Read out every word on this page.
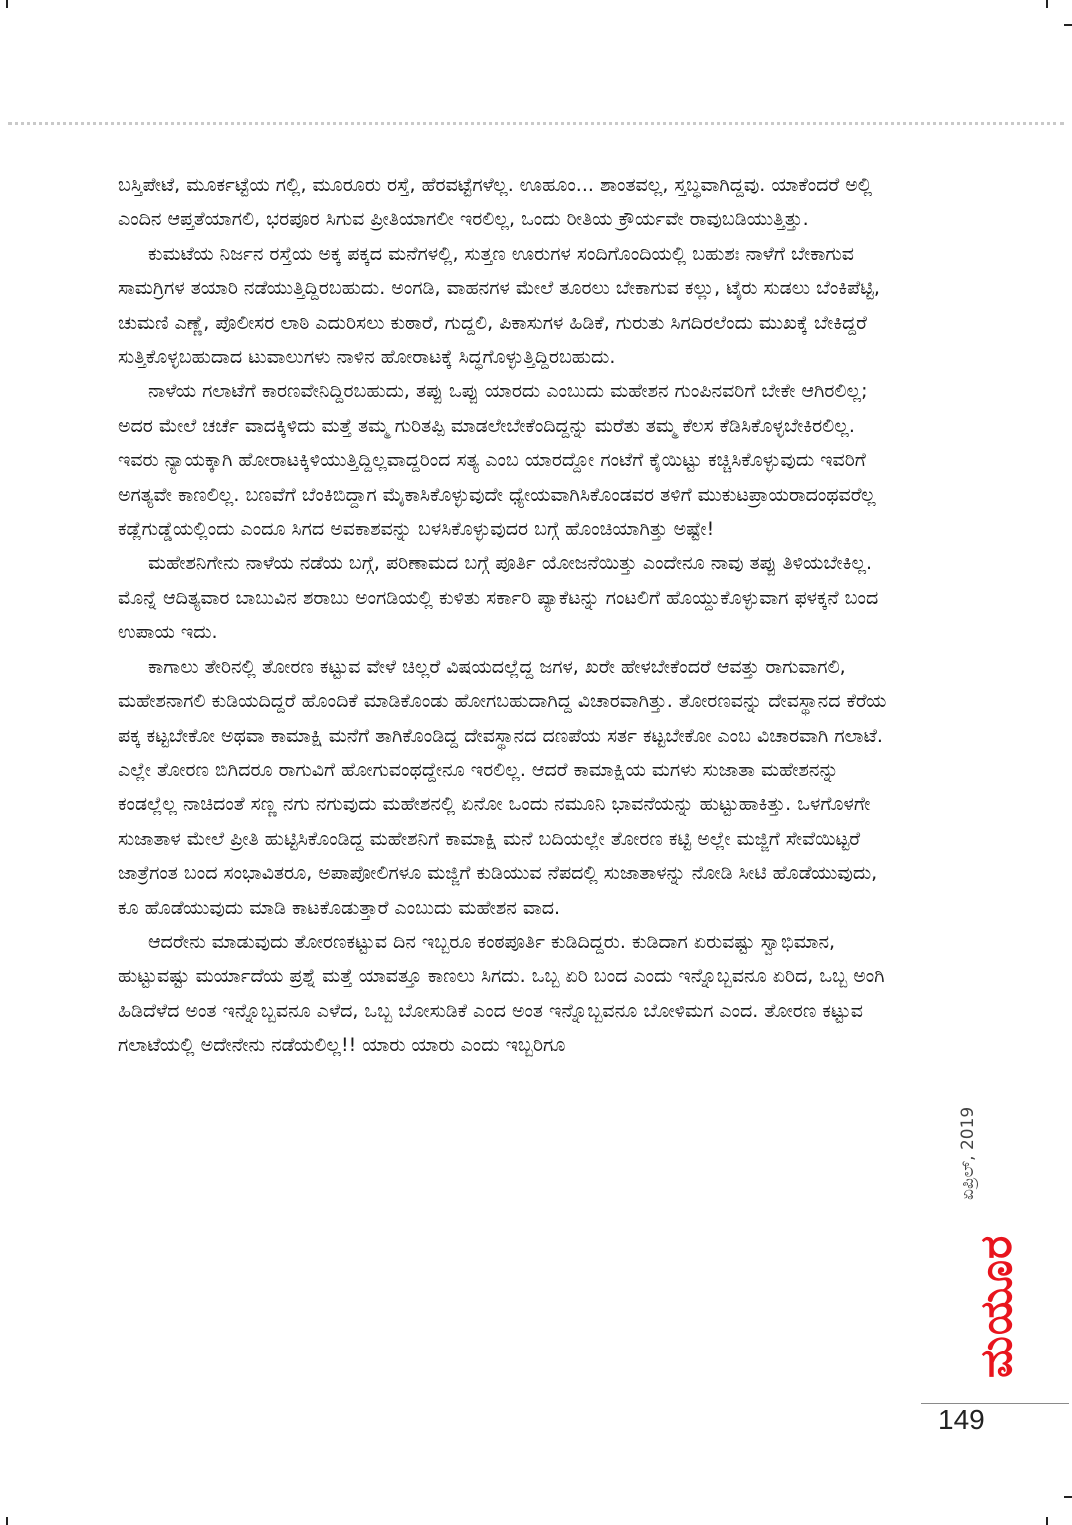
ಬಸ್ತಿಪೇಟೆ, ಮೂರ್ಕಟ್ಟೆಯ ಗಲ್ಲಿ, ಮೂರೂರು ರಸ್ತೆ, ಹೆರವಟ್ಟೆಗಳೆಲ್ಲ. ಊಹೂಂ... ಶಾಂತವಲ್ಲ, ಸ್ತಬ್ಧವಾಗಿದ್ದವು. ಯಾಕೆಂದರೆ ಅಲ್ಲಿ ಎಂದಿನ ಆಪ್ತತೆಯಾಗಲಿ, ಭರಪೂರ ಸಿಗುವ ಪ್ರೀತಿಯಾಗಲೀ ಇರಲಿಲ್ಲ, ಒಂದು ರೀತಿಯ ಕ್ರೌರ್ಯವೇ ರಾವುಬಡಿಯುತ್ತಿತ್ತು.

ಕುಮಟೆಯ ನಿರ್ಜನ ರಸ್ತೆಯ ಅಕ್ಕ ಪಕ್ಕದ ಮನೆಗಳಲ್ಲಿ, ಸುತ್ತಣ ಊರುಗಳ ಸಂದಿಗೊಂದಿಯಲ್ಲಿ ಬಹುಶಃ ನಾಳೆಗೆ ಬೇಕಾಗುವ ಸಾಮಗ್ರಿಗಳ ತಯಾರಿ ನಡೆಯುತ್ತಿದ್ದಿರಬಹುದು. ಅಂಗಡಿ, ವಾಹನಗಳ ಮೇಲೆ ತೂರಲು ಬೇಕಾಗುವ ಕಲ್ಲು, ಟೈರು ಸುಡಲು ಬೆಂಕಿಪೆಟ್ಟಿ, ಚುಮಣಿ ಎಣ್ಣೆ, ಪೊಲೀಸರ ಲಾಠಿ ಎದುರಿಸಲು ಕುಠಾರೆ, ಗುದ್ದಲಿ, ಪಿಕಾಸುಗಳ ಹಿಡಿಕೆ, ಗುರುತು ಸಿಗದಿರಲೆಂದು ಮುಖಕ್ಕೆ ಬೇಕಿದ್ದರೆ ಸುತ್ತಿಕೊಳ್ಳಬಹುದಾದ ಟುವಾಲುಗಳು ನಾಳಿನ ಹೋರಾಟಕ್ಕೆ ಸಿದ್ಧಗೊಳ್ಳುತ್ತಿದ್ದಿರಬಹುದು.

ನಾಳೆಯ ಗಲಾಟೆಗೆ ಕಾರಣವೇನಿದ್ದಿರಬಹುದು, ತಪ್ಪು ಒಪ್ಪು ಯಾರದು ಎಂಬುದು ಮಹೇಶನ ಗುಂಪಿನವರಿಗೆ ಬೇಕೇ ಆಗಿರಲಿಲ್ಲ; ಅದರ ಮೇಲೆ ಚರ್ಚೆ ವಾದಕ್ಕಿಳಿದು ಮತ್ತೆ ತಮ್ಮ ಗುರಿತಪ್ಪಿ ಮಾಡಲೇಬೇಕೆಂದಿದ್ದನ್ನು ಮರೆತು ತಮ್ಮ ಕೆಲಸ ಕೆಡಿಸಿಕೊಳ್ಳಬೇಕಿರಲಿಲ್ಲ. ಇವರು ನ್ಯಾಯಕ್ಕಾಗಿ ಹೋರಾಟಕ್ಕಿಳಿಯುತ್ತಿದ್ದಿಲ್ಲವಾದ್ದರಿಂದ ಸತ್ಯ ಎಂಬ ಯಾರದ್ದೋ ಗಂಟೆಗೆ ಕೈಯಿಟ್ಟು ಕಚ್ಚಿಸಿಕೊಳ್ಳುವುದು ಇವರಿಗೆ ಅಗತ್ಯವೇ ಕಾಣಲಿಲ್ಲ. ಬಣವೆಗೆ ಬೆಂಕಿಬಿದ್ದಾಗ ಮೈಕಾಸಿಕೊಳ್ಳುವುದೇ ಧ್ಯೇಯವಾಗಿಸಿಕೊಂಡವರ ತಳಿಗೆ ಮುಕುಟಪ್ರಾಯರಾದಂಥವರೆಲ್ಲ ಕಡ್ಲೆಗುಡ್ಡೆಯಲ್ಲಿಂದು ಎಂದೂ ಸಿಗದ ಅವಕಾಶವನ್ನು ಬಳಸಿಕೊಳ್ಳುವುದರ ಬಗ್ಗೆ ಹೊಂಚಿಯಾಗಿತ್ತು ಅಷ್ಟೇ!

ಮಹೇಶನಿಗೇನು ನಾಳೆಯ ನಡೆಯ ಬಗ್ಗೆ, ಪರಿಣಾಮದ ಬಗ್ಗೆ ಪೂರ್ತಿ ಯೋಜನೆಯಿತ್ತು ಎಂದೇನೂ ನಾವು ತಪ್ಪು ತಿಳಿಯಬೇಕಿಲ್ಲ. ಮೊನ್ನೆ ಆದಿತ್ಯವಾರ ಬಾಬುವಿನ ಶರಾಬು ಅಂಗಡಿಯಲ್ಲಿ ಕುಳಿತು ಸರ್ಕಾರಿ ಪ್ಯಾಕೆಟನ್ನು ಗಂಟಲಿಗೆ ಹೊಯ್ದುಕೊಳ್ಳುವಾಗ ಫಳಕ್ಕನೆ ಬಂದ ಉಪಾಯ ಇದು.

ಕಾಗಾಲು ತೇರಿನಲ್ಲಿ ತೋರಣ ಕಟ್ಟುವ ವೇಳೆ ಚಿಲ್ಲರೆ ವಿಷಯದಲ್ಲೆದ್ದ ಜಗಳ, ಖರೇ ಹೇಳಬೇಕೆಂದರೆ ಆವತ್ತು ರಾಗುವಾಗಲಿ, ಮಹೇಶನಾಗಲಿ ಕುಡಿಯದಿದ್ದರೆ ಹೊಂದಿಕೆ ಮಾಡಿಕೊಂಡು ಹೋಗಬಹುದಾಗಿದ್ದ ವಿಚಾರವಾಗಿತ್ತು. ತೋರಣವನ್ನು ದೇವಸ್ಥಾನದ ಕೆರೆಯ ಪಕ್ಕ ಕಟ್ಟಬೇಕೋ ಅಥವಾ ಕಾಮಾಕ್ಷಿ ಮನೆಗೆ ತಾಗಿಕೊಂಡಿದ್ದ ದೇವಸ್ಥಾನದ ದಣಪೆಯ ಸರ್ತ ಕಟ್ಟಬೇಕೋ ಎಂಬ ವಿಚಾರವಾಗಿ ಗಲಾಟೆ. ಎಲ್ಲೇ ತೋರಣ ಬಿಗಿದರೂ ರಾಗುವಿಗೆ ಹೋಗುವಂಥದ್ದೇನೂ ಇರಲಿಲ್ಲ. ಆದರೆ ಕಾಮಾಕ್ಷಿಯ ಮಗಳು ಸುಜಾತಾ ಮಹೇಶನನ್ನು ಕಂಡಲ್ಲೆಲ್ಲ ನಾಚಿದಂತೆ ಸಣ್ಣ ನಗು ನಗುವುದು ಮಹೇಶನಲ್ಲಿ ಏನೋ ಒಂದು ನಮೂನಿ ಭಾವನೆಯನ್ನು ಹುಟ್ಟುಹಾಕಿತ್ತು. ಒಳಗೊಳಗೇ ಸುಜಾತಾಳ ಮೇಲೆ ಪ್ರೀತಿ ಹುಟ್ಟಿಸಿಕೊಂಡಿದ್ದ ಮಹೇಶನಿಗೆ ಕಾಮಾಕ್ಷಿ ಮನೆ ಬದಿಯಲ್ಲೇ ತೋರಣ ಕಟ್ಟಿ ಅಲ್ಲೇ ಮಜ್ಜಿಗೆ ಸೇವೆಯಿಟ್ಟರೆ ಜಾತ್ರೆಗಂತ ಬಂದ ಸಂಭಾವಿತರೂ, ಅಪಾಪೋಲಿಗಳೂ ಮಜ್ಜಿಗೆ ಕುಡಿಯುವ ನೆಪದಲ್ಲಿ ಸುಜಾತಾಳನ್ನು ನೋಡಿ ಸೀಟಿ ಹೊಡೆಯುವುದು, ಕೂ ಹೊಡೆಯುವುದು ಮಾಡಿ ಕಾಟಕೊಡುತ್ತಾರೆ ಎಂಬುದು ಮಹೇಶನ ವಾದ.

ಆದರೇನು ಮಾಡುವುದು ತೋರಣಕಟ್ಟುವ ದಿನ ಇಬ್ಬರೂ ಕಂಠಪೂರ್ತಿ ಕುಡಿದಿದ್ದರು. ಕುಡಿದಾಗ ಏರುವಷ್ಟು ಸ್ವಾಭಿಮಾನ, ಹುಟ್ಟುವಷ್ಟು ಮರ್ಯಾದೆಯ ಪ್ರಶ್ನೆ ಮತ್ತೆ ಯಾವತ್ತೂ ಕಾಣಲು ಸಿಗದು. ಒಬ್ಬ ಏರಿ ಬಂದ ಎಂದು ಇನ್ನೊಬ್ಬವನೂ ಏರಿದ, ಒಬ್ಬ ಅಂಗಿ ಹಿಡಿದೆಳೆದ ಅಂತ ಇನ್ನೊಬ್ಬವನೂ ಎಳೆದ, ಒಬ್ಬ ಬೋಸುಡಿಕೆ ಎಂದ ಅಂತ ಇನ್ನೊಬ್ಬವನೂ ಬೋಳಿಮಗ ಎಂದ. ತೋರಣ ಕಟ್ಟುವ ಗಲಾಟೆಯಲ್ಲಿ ಅದೇನೇನು ನಡೆಯಲಿಲ್ಲ!! ಯಾರು ಯಾರು ಎಂದು ಇಬ್ಬರಿಗೂ

ಏಪ್ರಿಲ್, 2019
ಮಯೂರ
149
